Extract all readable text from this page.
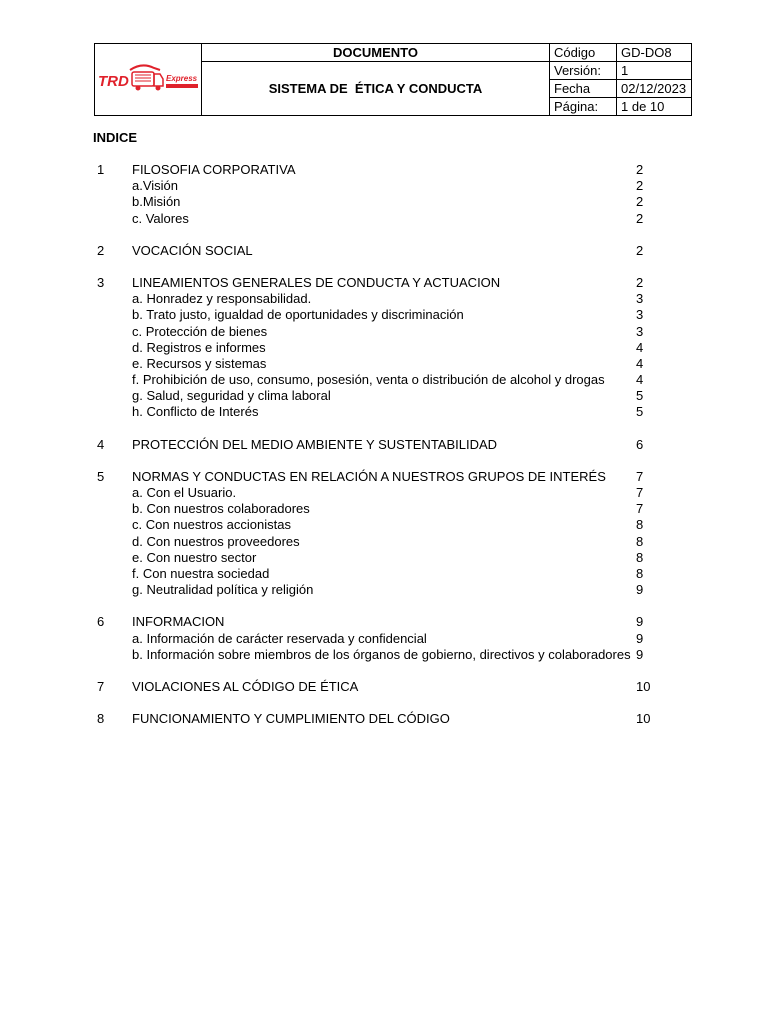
TRD Express	DOCUMENTO	Código	GD-DO8
	SISTEMA DE  ÉTICA Y CONDUCTA	Versión:	1
		Fecha	02/12/2023
		Página:	1 de 10
INDICE
1 FILOSOFIA CORPORATIVA	2
a.Visión	2
b.Misión	2
c. Valores	2
2 VOCACIÓN SOCIAL	2
3 LINEAMIENTOS GENERALES DE CONDUCTA Y ACTUACION	2
a. Honradez y responsabilidad.	3
b. Trato justo, igualdad de oportunidades y discriminación	3
c. Protección de bienes	3
d. Registros e informes	4
e. Recursos y sistemas	4
f. Prohibición de uso, consumo, posesión, venta o distribución de alcohol y drogas 4
g. Salud, seguridad y clima laboral	5
h. Conflicto de Interés	5
4 PROTECCIÓN DEL MEDIO AMBIENTE Y SUSTENTABILIDAD	6
5 NORMAS Y CONDUCTAS EN RELACIÓN A NUESTROS GRUPOS DE INTERÉS 7
a. Con el Usuario.	7
b. Con nuestros colaboradores	7
c. Con nuestros accionistas	8
d. Con nuestros proveedores	8
e. Con nuestro sector	8
f. Con nuestra sociedad	8
g. Neutralidad política y religión	9
6 INFORMACION	9
a. Información de carácter reservada y confidencial	9
b. Información sobre miembros de los órganos de gobierno, directivos y colaboradores 9
7 VIOLACIONES AL CÓDIGO DE ÉTICA	10
8 FUNCIONAMIENTO Y CUMPLIMIENTO DEL CÓDIGO	10
